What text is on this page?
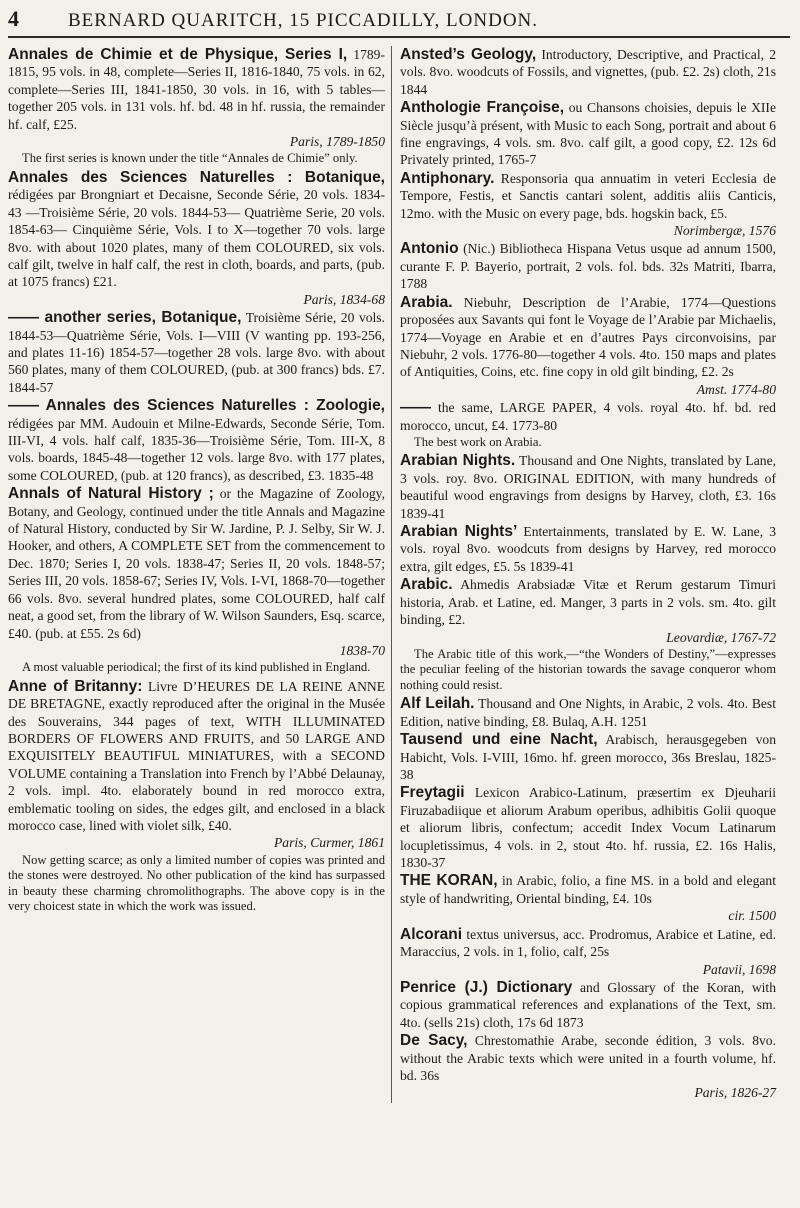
4	BERNARD QUARITCH, 15 PICCADILLY, LONDON.

Annales de Chimie et de Physique, Series I, 1789-1815, 95 vols. in 48, complete—Series II, 1816-1840, 75 vols. in 62, complete—Series III, 1841-1850, 30 vols. in 16, with 5 tables—together 205 vols. in 131 vols. hf. bd. 48 in hf. russia, the remainder hf. calf, £25.
Paris, 1789-1850

The first series is known under the title “Annales de Chimie” only.

Annales des Sciences Naturelles : Botanique, rédigées par Brongniart et Decaisne, Seconde Série, 20 vols. 1834-43 —Troisième Série, 20 vols. 1844-53— Quatrième Serie, 20 vols. 1854-63— Cinquième Série, Vols. I to X—together 70 vols. large 8vo. with about 1020 plates, many of them COLOURED, six vols. calf gilt, twelve in half calf, the rest in cloth, boards, and parts, (pub. at 1075 francs) £21.
Paris, 1834-68

—— another series, Botanique, Troisième Série, 20 vols. 1844-53—Quatrième Série, Vols. I—VIII (V wanting pp. 193-256, and plates 11-16) 1854-57—together 28 vols. large 8vo. with about 560 plates, many of them COLOURED, (pub. at 300 francs) bds. £7. 1844-57

—— Annales des Sciences Naturelles : Zoologie, rédigées par MM. Audouin et Milne-Edwards, Seconde Série, Tom. III-VI, 4 vols. half calf, 1835-36—Troisième Série, Tom. III-X, 8 vols. boards, 1845-48—together 12 vols. large 8vo. with 177 plates, some COLOURED, (pub. at 120 francs), as described, £3. 1835-48

Annals of Natural History ; or the Magazine of Zoology, Botany, and Geology, continued under the title Annals and Magazine of Natural History, conducted by Sir W. Jardine, P. J. Selby, Sir W. J. Hooker, and others, A COMPLETE SET from the commencement to Dec. 1870; Series I, 20 vols. 1838-47; Series II, 20 vols. 1848-57; Series III, 20 vols. 1858-67; Series IV, Vols. I-VI, 1868-70—together 66 vols. 8vo. several hundred plates, some COLOURED, half calf neat, a good set, from the library of W. Wilson Saunders, Esq. scarce, £40. (pub. at £55. 2s 6d)
1838-70

A most valuable periodical; the first of its kind published in England.

Anne of Britanny: Livre D’HEURES DE LA REINE ANNE DE BRETAGNE, exactly reproduced after the original in the Musée des Souverains, 344 pages of text, WITH ILLUMINATED BORDERS OF FLOWERS AND FRUITS, and 50 LARGE AND EXQUISITELY BEAUTIFUL MINIATURES, with a SECOND VOLUME containing a Translation into French by l’Abbé Delaunay, 2 vols. impl. 4to. elaborately bound in red morocco extra, emblematic tooling on sides, the edges gilt, and enclosed in a black morocco case, lined with violet silk, £40.
Paris, Curmer, 1861

Now getting scarce; as only a limited number of copies was printed and the stones were destroyed. No other publication of the kind has surpassed in beauty these charming chromolithographs. The above copy is in the very choicest state in which the work was issued.

Ansted’s Geology, Introductory, Descriptive, and Practical, 2 vols. 8vo. woodcuts of Fossils, and vignettes, (pub. £2. 2s) cloth, 21s 1844

Anthologie Françoise, ou Chansons choisies, depuis le XIIe Siècle jusqu’à présent, with Music to each Song, portrait and about 6 fine engravings, 4 vols. sm. 8vo. calf gilt, a good copy, £2. 12s 6d Privately printed, 1765-7

Antiphonary. Responsoria qua annuatim in veteri Ecclesia de Tempore, Festis, et Sanctis cantari solent, additis aliis Canticis, 12mo. with the Music on every page, bds. hogskin back, £5.
Norimbergæ, 1576

Antonio (Nic.) Bibliotheca Hispana Vetus usque ad annum 1500, curante F. P. Bayerio, portrait, 2 vols. fol. bds. 32s Matriti, Ibarra, 1788

Arabia. Niebuhr, Description de l’Arabie, 1774—Questions proposées aux Savants qui font le Voyage de l’Arabie par Michaelis, 1774—Voyage en Arabie et en d’autres Pays circonvoisins, par Niebuhr, 2 vols. 1776-80—together 4 vols. 4to. 150 maps and plates of Antiquities, Coins, etc. fine copy in old gilt binding, £2. 2s
Amst. 1774-80

—— the same, LARGE PAPER, 4 vols. royal 4to. hf. bd. red morocco, uncut, £4. 1773-80

The best work on Arabia.

Arabian Nights. Thousand and One Nights, translated by Lane, 3 vols. roy. 8vo. ORIGINAL EDITION, with many hundreds of beautiful wood engravings from designs by Harvey, cloth, £3. 16s 1839-41

Arabian Nights’ Entertainments, translated by E. W. Lane, 3 vols. royal 8vo. woodcuts from designs by Harvey, red morocco extra, gilt edges, £5. 5s 1839-41

Arabic. Ahmedis Arabsiadæ Vitæ et Rerum gestarum Timuri historia, Arab. et Latine, ed. Manger, 3 parts in 2 vols. sm. 4to. gilt binding, £2.
Leovardiæ, 1767-72

The Arabic title of this work,—“the Wonders of Destiny,”—expresses the peculiar feeling of the historian towards the savage conqueror whom nothing could resist.

Alf Leilah. Thousand and One Nights, in Arabic, 2 vols. 4to. Best Edition, native binding, £8. Bulaq, A.H. 1251

Tausend und eine Nacht, Arabisch, herausgegeben von Habicht, Vols. I-VIII, 16mo. hf. green morocco, 36s Breslau, 1825-38

Freytagii Lexicon Arabico-Latinum, præsertim ex Djeuharii Firuzabadiique et aliorum Arabum operibus, adhibitis Golii quoque et aliorum libris, confectum; accedit Index Vocum Latinarum locupletissimus, 4 vols. in 2, stout 4to. hf. russia, £2. 16s Halis, 1830-37

THE KORAN, in Arabic, folio, a fine MS. in a bold and elegant style of handwriting, Oriental binding, £4. 10s
cir. 1500

Alcorani textus universus, acc. Prodromus, Arabice et Latine, ed. Maraccius, 2 vols. in 1, folio, calf, 25s
Patavii, 1698

Penrice (J.) Dictionary and Glossary of the Koran, with copious grammatical references and explanations of the Text, sm. 4to. (sells 21s) cloth, 17s 6d 1873

De Sacy, Chrestomathie Arabe, seconde édition, 3 vols. 8vo. without the Arabic texts which were united in a fourth volume, hf. bd. 36s
Paris, 1826-27
